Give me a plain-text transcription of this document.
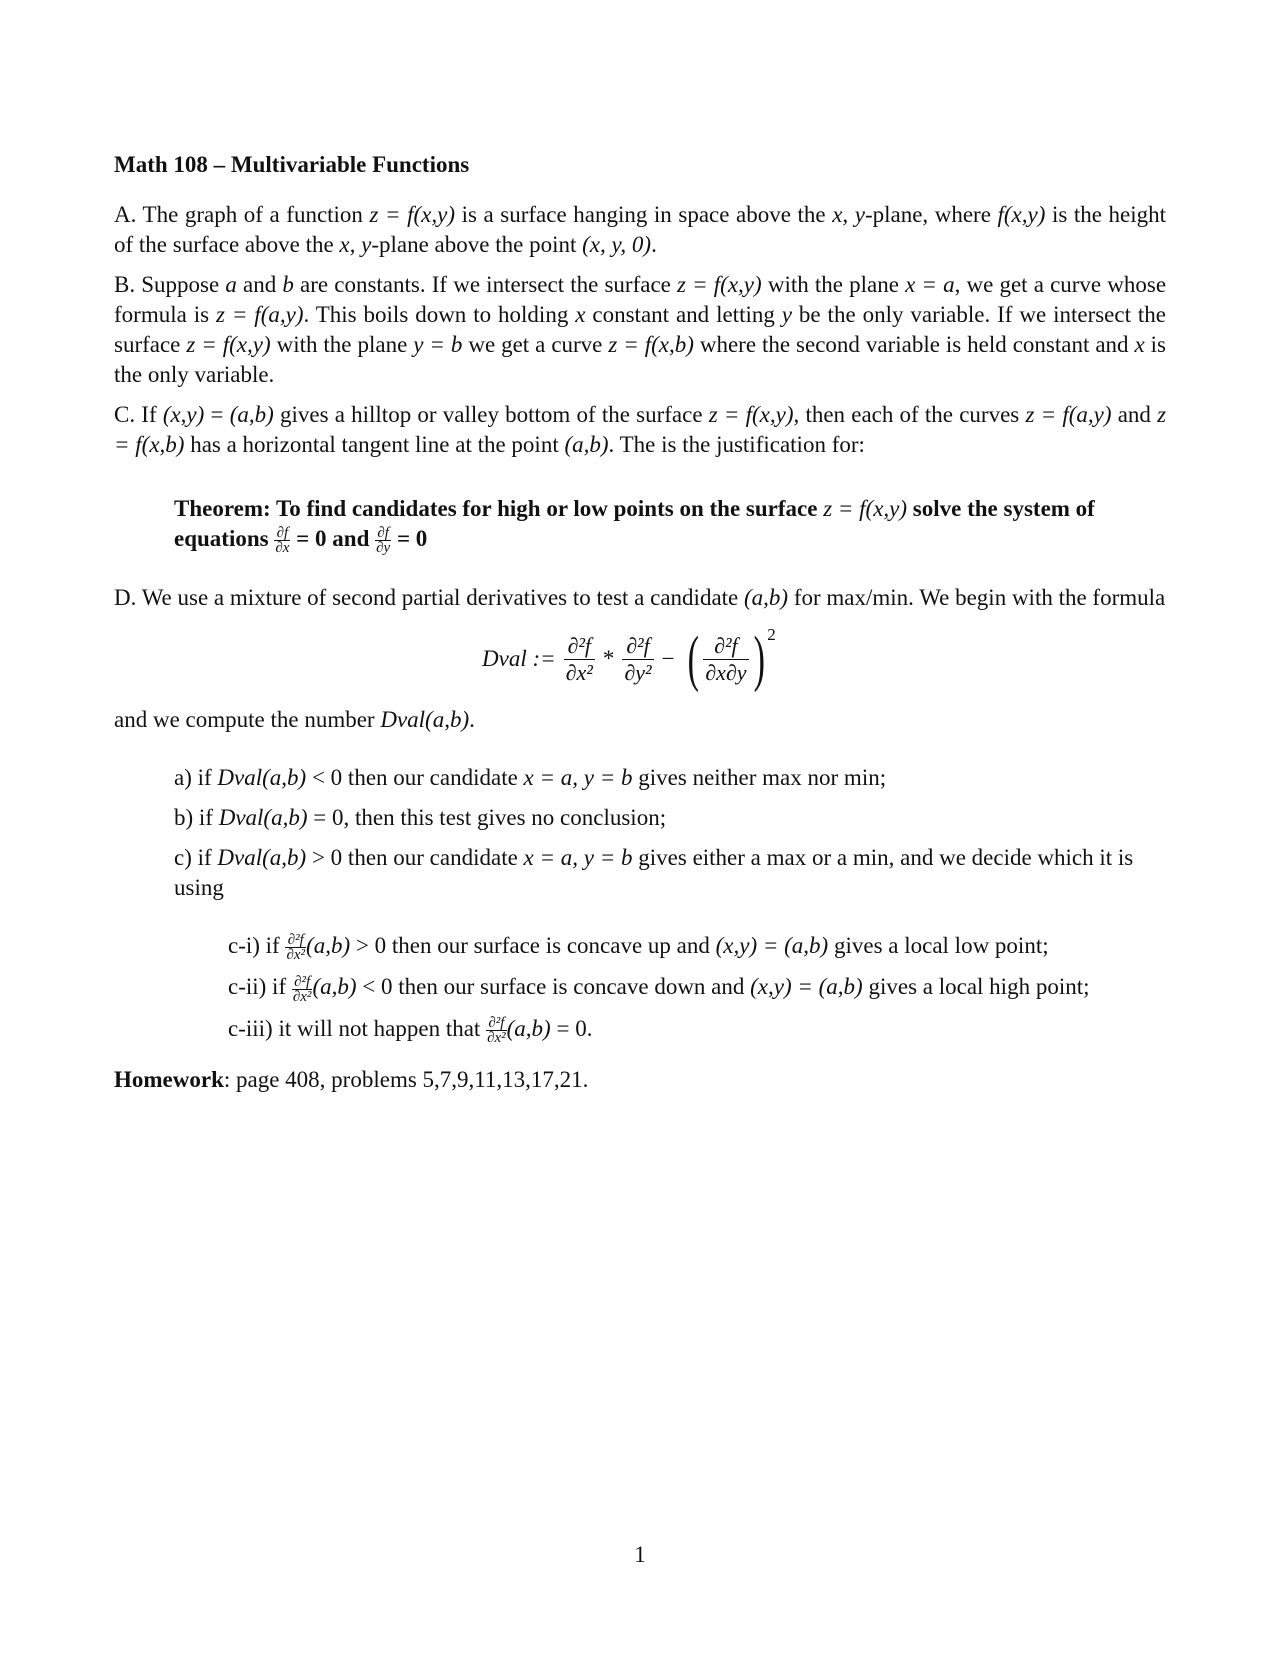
Math 108 – Multivariable Functions

A. The graph of a function z = f(x,y) is a surface hanging in space above the x, y-plane, where f(x,y) is the height of the surface above the x, y-plane above the point (x, y, 0).

B. Suppose a and b are constants. If we intersect the surface z = f(x,y) with the plane x = a, we get a curve whose formula is z = f(a,y). This boils down to holding x constant and letting y be the only variable. If we intersect the surface z = f(x,y) with the plane y = b we get a curve z = f(x,b) where the second variable is held constant and x is the only variable.

C. If (x,y) = (a,b) gives a hilltop or valley bottom of the surface z = f(x,y), then each of the curves z = f(a,y) and z = f(x,b) has a horizontal tangent line at the point (a,b). The is the justification for:

Theorem: To find candidates for high or low points on the surface z = f(x,y) solve the system of equations $\frac{\partial f}{\partial x} = 0$ and $\frac{\partial f}{\partial y} = 0$

D. We use a mixture of second partial derivatives to test a candidate (a,b) for max/min. We begin with the formula

Dval := $\frac{\text{∂²f}}{\text{∂x²}} * \frac{\text{∂²f}}{\text{∂y²}}$ − ( $\frac{\text{∂²f}}{\partial x\partial y}$ ) 2

and we compute the number Dval(a,b).

a) if Dval(a,b) < 0 then our candidate x = a, y = b gives neither max nor min;

b) if Dval(a,b) = 0, then this test gives no conclusion;

c) if Dval(a,b) > 0 then our candidate x = a, y = b gives either a max or a min, and we decide which it is using

c-i) if $\frac{\text{∂²f}}{\text{∂x²}} (a,b) > 0$ then our surface is concave up and (x,y) = (a,b) gives a local low point;

c-ii) if $\frac{\text{∂²f}}{\text{∂x²}} (a,b) < 0$ then our surface is concave down and (x,y) = (a,b) gives a local high point;

c-iii) it will not happen that $\frac{\text{∂²f}}{\text{∂x²}} (a,b) = 0$.

Homework: page 408, problems 5,7,9,11,13,17,21.

1
